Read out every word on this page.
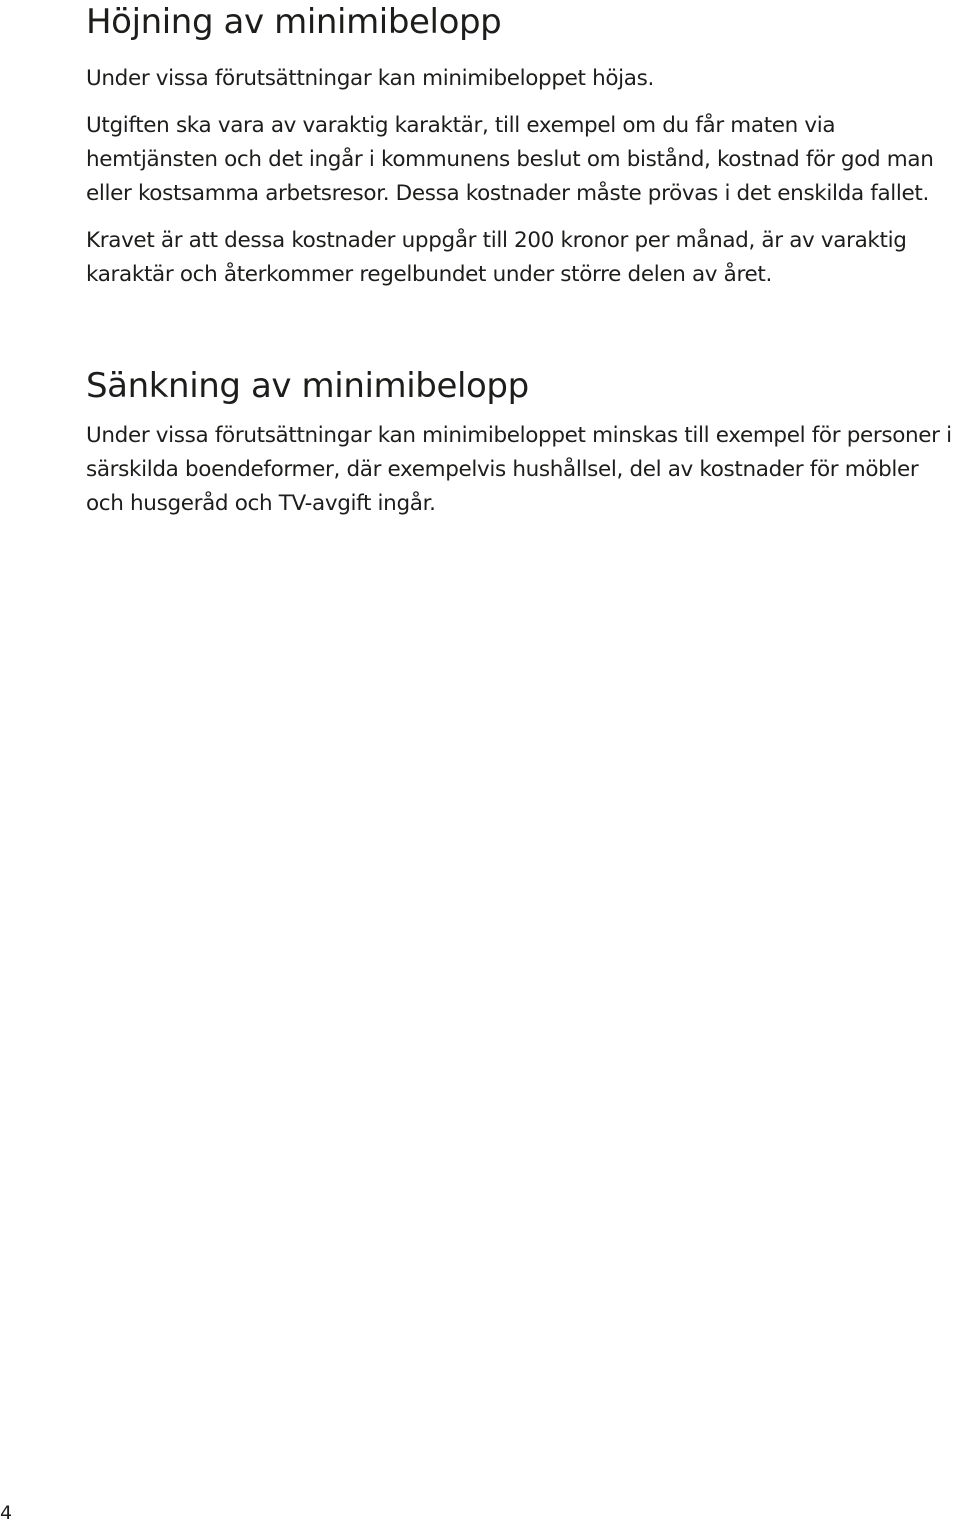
Höjning av minimibelopp

Under vissa förutsättningar kan minimibeloppet höjas.

Utgiften ska vara av varaktig karaktär, till exempel om du får maten via hemtjänsten och det ingår i kommunens beslut om bistånd, kostnad för god man eller kostsamma arbetsresor. Dessa kostnader måste prövas i det enskilda fallet.

Kravet är att dessa kostnader uppgår till 200 kronor per månad, är av varaktig karaktär och återkommer regelbundet under större delen av året.

Sänkning av minimibelopp

Under vissa förutsättningar kan minimibeloppet minskas till exempel för personer i särskilda boendeformer, där exempelvis hushållsel, del av kostnader för möbler och husgeråd och TV-avgift ingår.

4
